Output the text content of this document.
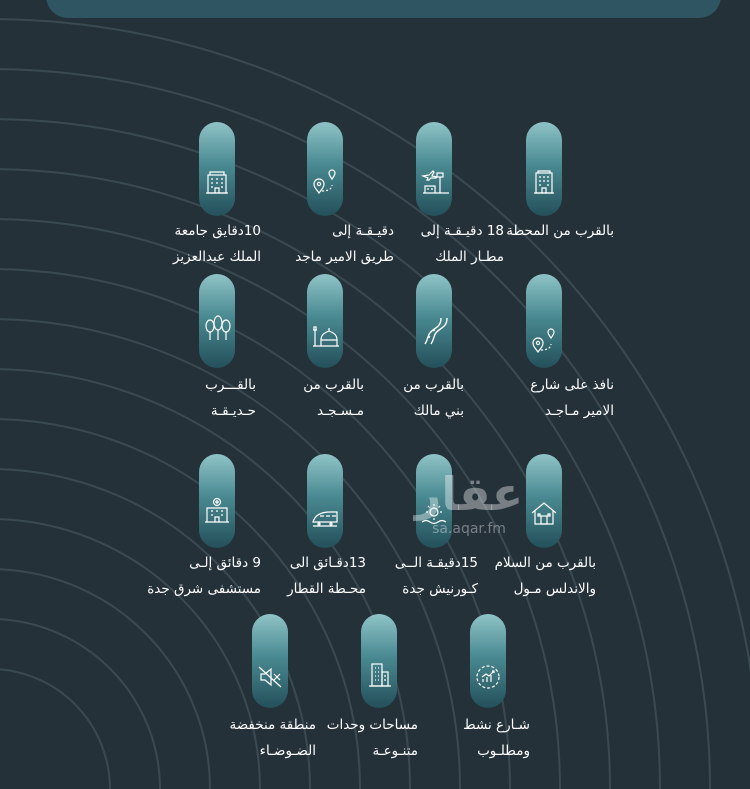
بالقرب من المحطة
18 دقيـقـة إلى
مطـار الملك
دقيـقـة إلى
طريق الامير ماجد
10دقايق جامعة
الملك عبدالعزيز
نافذ على شارع
الامير مـاجـد
بالقرب من
بني مالك
بالقرب من
مـسـجـد
بالقـــرب
حـديـقـة
بالقرب من السلام
والاندلس مـول
15دقيقـة الــى
كـورنيش جدة
13دقـائق الى
محـطة القطار
9 دقائق إلـى
مستشفى شرق جدة
شـارع نشط
ومطلـوب
مساحات وحدات
متنـوعـة
منطقة منخفضة
الضـوضـاء
عقار
sa.aqar.fm
